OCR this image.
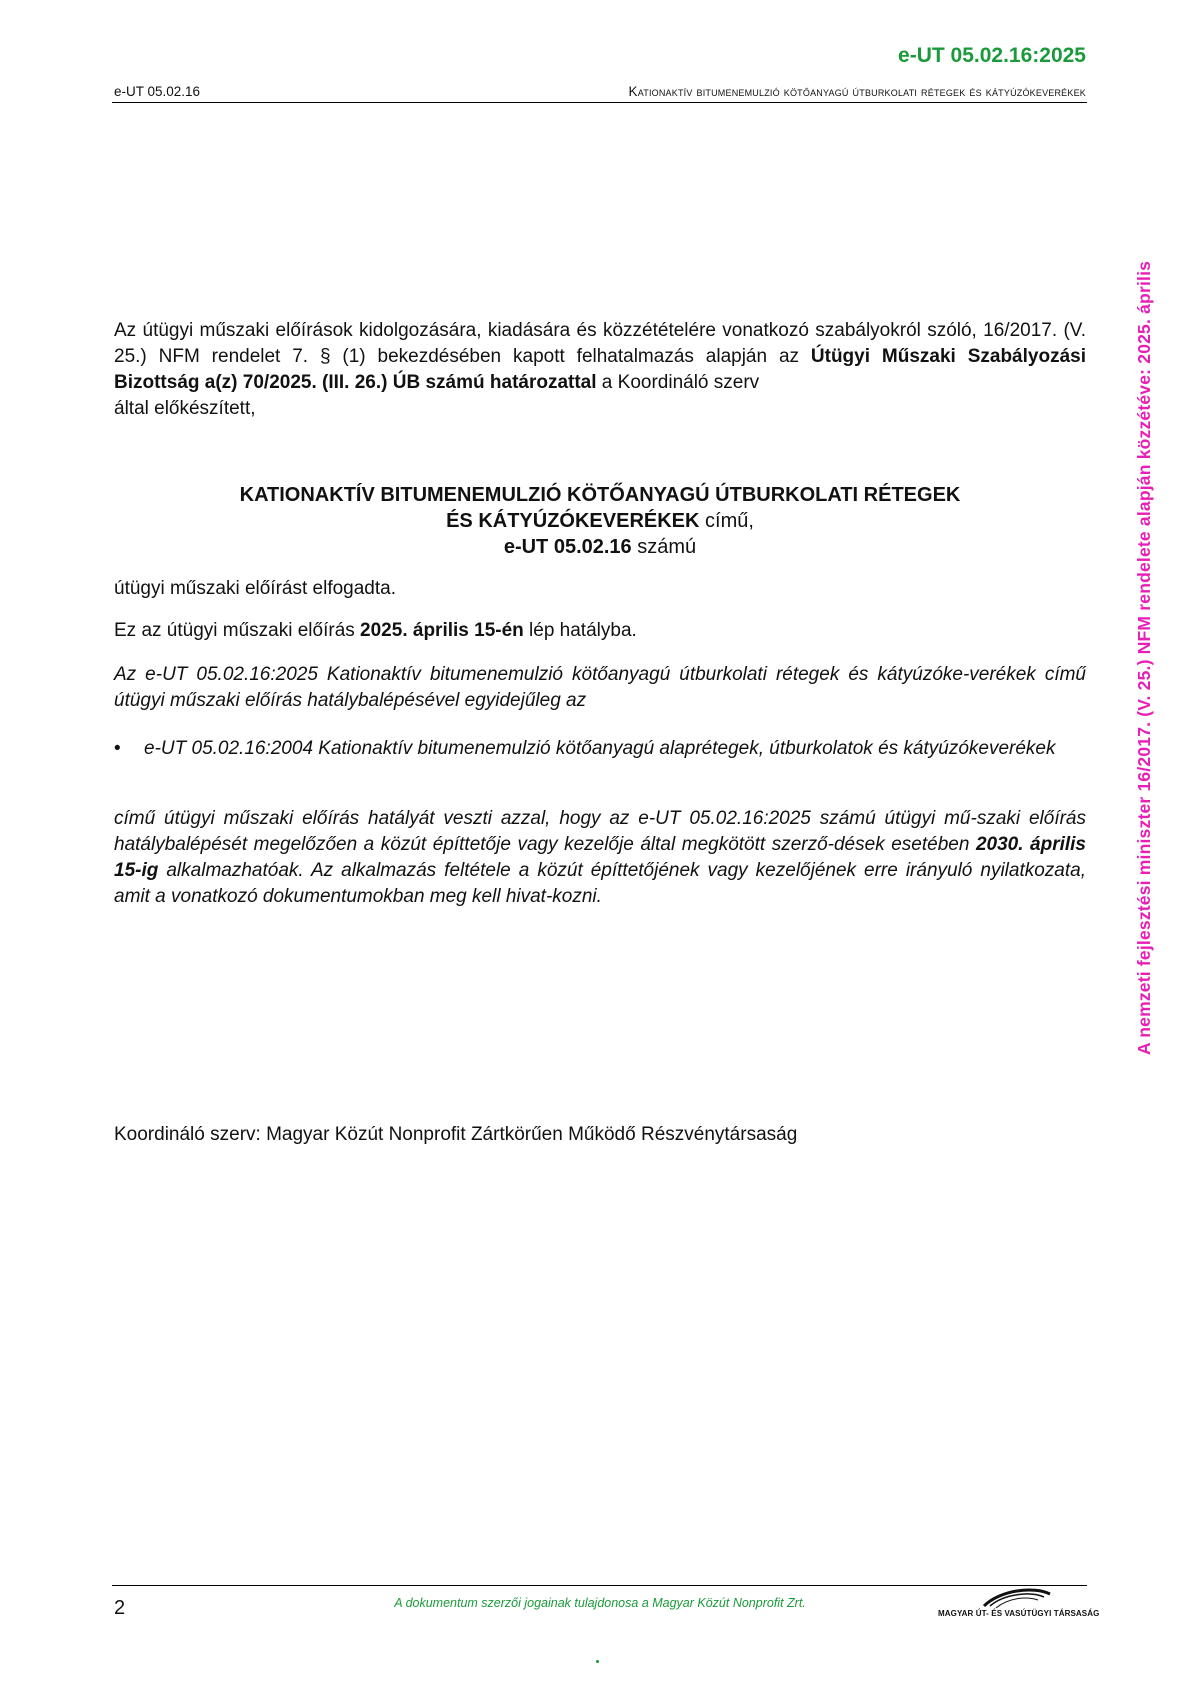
e-UT 05.02.16:2025
e-UT 05.02.16	Kationaktív bitumenemulzió kötőanyagú útburkolati rétegek és kátyúzókeverékek
A nemzeti fejlesztési miniszter 16/2017. (V. 25.) NFM rendelete alapján közzétéve: 2025. április
Az útügyi műszaki előírások kidolgozására, kiadására és közzétételére vonatkozó szabályokról szóló, 16/2017. (V. 25.) NFM rendelet 7. § (1) bekezdésében kapott felhatalmazás alapján az Útügyi Műszaki Szabályozási Bizottság a(z) 70/2025. (III. 26.) ÚB számú határozattal a Koordináló szerv
által előkészített,
KATIONAKTÍV BITUMENEMULZIÓ KÖTŐANYAGÚ ÚTBURKOLATI RÉTEGEK
ÉS KÁTYÚZÓKEVERÉKEK című,
e-UT 05.02.16 számú
útügyi műszaki előírást elfogadta.
Ez az útügyi műszaki előírás 2025. április 15-én lép hatályba.
Az e-UT 05.02.16:2025 Kationaktív bitumenemulzió kötőanyagú útburkolati rétegek és kátyúzóke-verékek című útügyi műszaki előírás hatálybalépésével egyidejűleg az
• e-UT 05.02.16:2004 Kationaktív bitumenemulzió kötőanyagú alaprétegek, útburkolatok és kátyúzókeverékek
című útügyi műszaki előírás hatályát veszti azzal, hogy az e-UT 05.02.16:2025 számú útügyi mű-szaki előírás hatálybalépését megelőzően a közút építtetője vagy kezelője által megkötött szerző-dések esetében 2030. április 15-ig alkalmazhatóak. Az alkalmazás feltétele a közút építtetőjének vagy kezelőjének erre irányuló nyilatkozata, amit a vonatkozó dokumentumokban meg kell hivat-kozni.
Koordináló szerv: Magyar Közút Nonprofit Zártkörűen Működő Részvénytársaság
2	A dokumentum szerzői jogainak tulajdonosa a Magyar Közút Nonprofit Zrt.
MAGYAR ÚT- ÉS VASÚTÜGYI TÁRSASÁG
